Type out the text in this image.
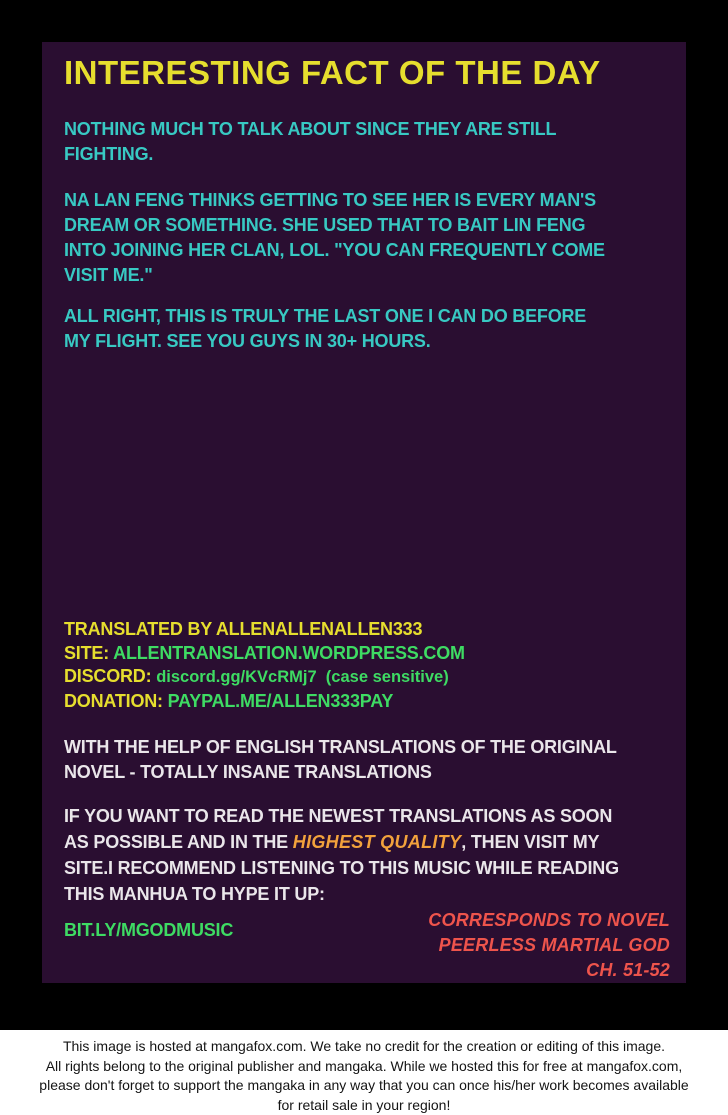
INTERESTING FACT OF THE DAY
NOTHING MUCH TO TALK ABOUT SINCE THEY ARE STILL
FIGHTING.
NA LAN FENG THINKS GETTING TO SEE HER IS EVERY MAN'S
DREAM OR SOMETHING. SHE USED THAT TO BAIT LIN FENG
INTO JOINING HER CLAN, LOL. "YOU CAN FREQUENTLY COME
VISIT ME."
ALL RIGHT, THIS IS TRULY THE LAST ONE I CAN DO BEFORE
MY FLIGHT. SEE YOU GUYS IN 30+ HOURS.
TRANSLATED BY ALLENALLENALLEN333
SITE: ALLENTRANSLATION.WORDPRESS.COM
DISCORD: discord.gg/KVcRMj7  (case sensitive)
DONATION: PAYPAL.ME/ALLEN333PAY
WITH THE HELP OF ENGLISH TRANSLATIONS OF THE ORIGINAL
NOVEL - TOTALLY INSANE TRANSLATIONS
IF YOU WANT TO READ THE NEWEST TRANSLATIONS AS SOON
AS POSSIBLE AND IN THE HIGHEST QUALITY, THEN VISIT MY
SITE.I RECOMMEND LISTENING TO THIS MUSIC WHILE READING
THIS MANHUA TO HYPE IT UP:
BIT.LY/MGODMUSIC	CORRESPONDS TO NOVEL
PEERLESS MARTIAL GOD
CH. 51-52
This image is hosted at mangafox.com. We take no credit for the creation or editing of this image.
All rights belong to the original publisher and mangaka. While we hosted this for free at mangafox.com,
please don't forget to support the mangaka in any way that you can once his/her work becomes available
for retail sale in your region!
